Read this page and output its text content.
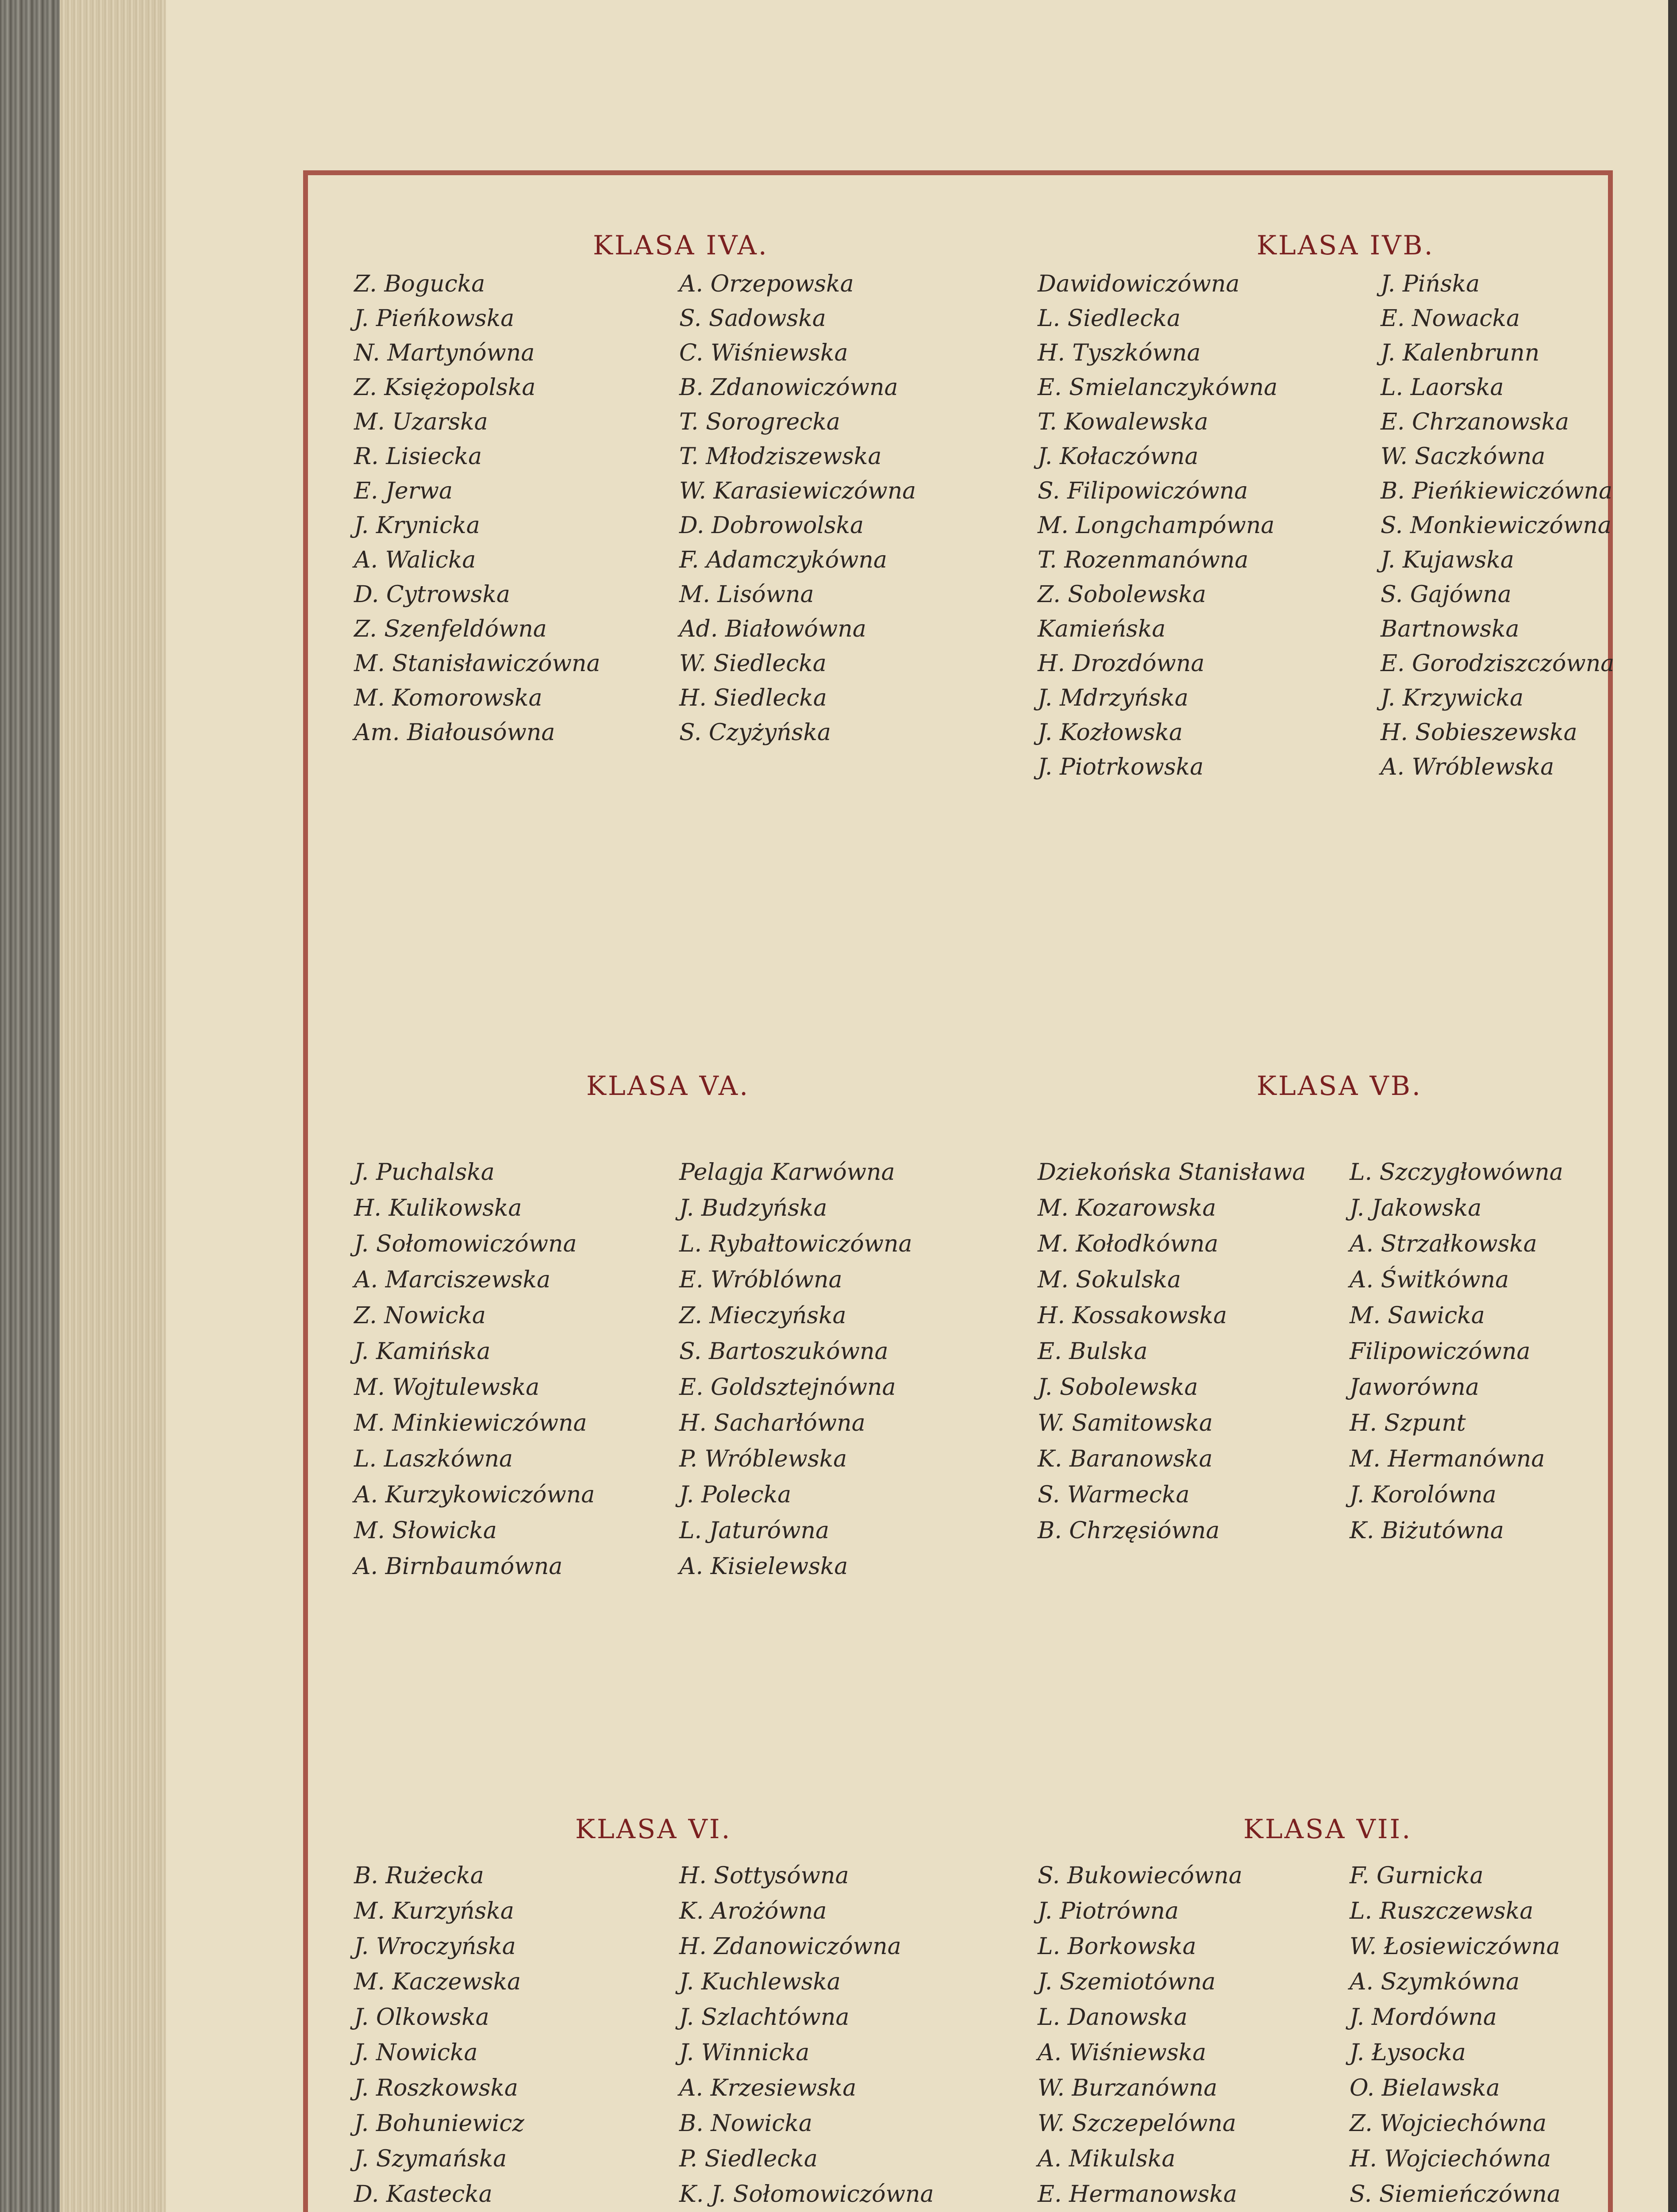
KLASA IVA.
Z. Bogucka
J. Pieńkowska
N. Martynówna
Z. Księżopolska
M. Uzarska
R. Lisiecka
E. Jerwa
J. Krynicka
A. Walicka
D. Cytrowska
Z. Szenfeldówna
M. Stanisławiczówna
M. Komorowska
Am. Białousówna
A. Orzepowska
S. Sadowska
C. Wiśniewska
B. Zdanowiczówna
T. Sorogrecka
T. Młodziszewska
W. Karasiewiczówna
D. Dobrowolska
F. Adamczykówna
M. Lisówna
Ad. Białowówna
W. Siedlecka
H. Siedlecka
S. Czyżyńska
KLASA IVB.
Dawidowiczówna
L. Siedlecka
H. Tyszkówna
E. Smielanczykówna
T. Kowalewska
J. Kołaczówna
S. Filipowiczówna
M. Longchampówna
T. Rozenmanówna
Z. Sobolewska
Kamieńska
H. Drozdówna
J. Mdrzyńska
J. Kozłowska
J. Piotrkowska
J. Pińska
E. Nowacka
J. Kalenbrunn
L. Laorska
E. Chrzanowska
W. Saczkówna
B. Pieńkiewiczówna
S. Monkiewiczówna
J. Kujawska
S. Gajówna
Bartnowska
E. Gorodziszczówna
J. Krzywicka
H. Sobieszewska
A. Wróblewska
KLASA VA.
J. Puchalska
H. Kulikowska
J. Sołomowiczówna
A. Marciszewska
Z. Nowicka
J. Kamińska
M. Wojtulewska
M. Minkiewiczówna
L. Laszkówna
A. Kurzykowiczówna
M. Słowicka
A. Birnbaumówna
Pelagja Karwówna
J. Budzyńska
L. Rybałtowiczówna
E. Wróblówna
Z. Mieczyńska
S. Bartoszukówna
E. Goldsztejnówna
H. Sacharłówna
P. Wróblewska
J. Polecka
L. Jaturówna
A. Kisielewska
KLASA VB.
Dziekońska Stanisława
M. Kozarowska
M. Kołodkówna
M. Sokulska
H. Kossakowska
E. Bulska
J. Sobolewska
W. Samitowska
K. Baranowska
S. Warmecka
B. Chrzęsiówna
L. Szczygłowówna
J. Jakowska
A. Strzałkowska
A. Świtkówna
M. Sawicka
Filipowiczówna
Jaworówna
H. Szpunt
M. Hermanówna
J. Korolówna
K. Biżutówna
KLASA VI.
B. Rużecka
M. Kurzyńska
J. Wroczyńska
M. Kaczewska
J. Olkowska
J. Nowicka
J. Roszkowska
J. Bohuniewicz
J. Szymańska
D. Kastecka
H. Sottysówna
K. Arożówna
H. Zdanowiczówna
J. Kuchlewska
J. Szlachtówna
J. Winnicka
A. Krzesiewska
B. Nowicka
P. Siedlecka
K. J. Sołomowiczówna
KLASA VII.
S. Bukowiecówna
J. Piotrówna
L. Borkowska
J. Szemiotówna
L. Danowska
A. Wiśniewska
W. Burzanówna
W. Szczepelówna
A. Mikulska
E. Hermanowska
F. Gurnicka
L. Ruszczewska
W. Łosiewiczówna
A. Szymkówna
J. Mordówna
J. Łysocka
O. Bielawska
Z. Wojciechówna
H. Wojciechówna
S. Siemieńczówna
